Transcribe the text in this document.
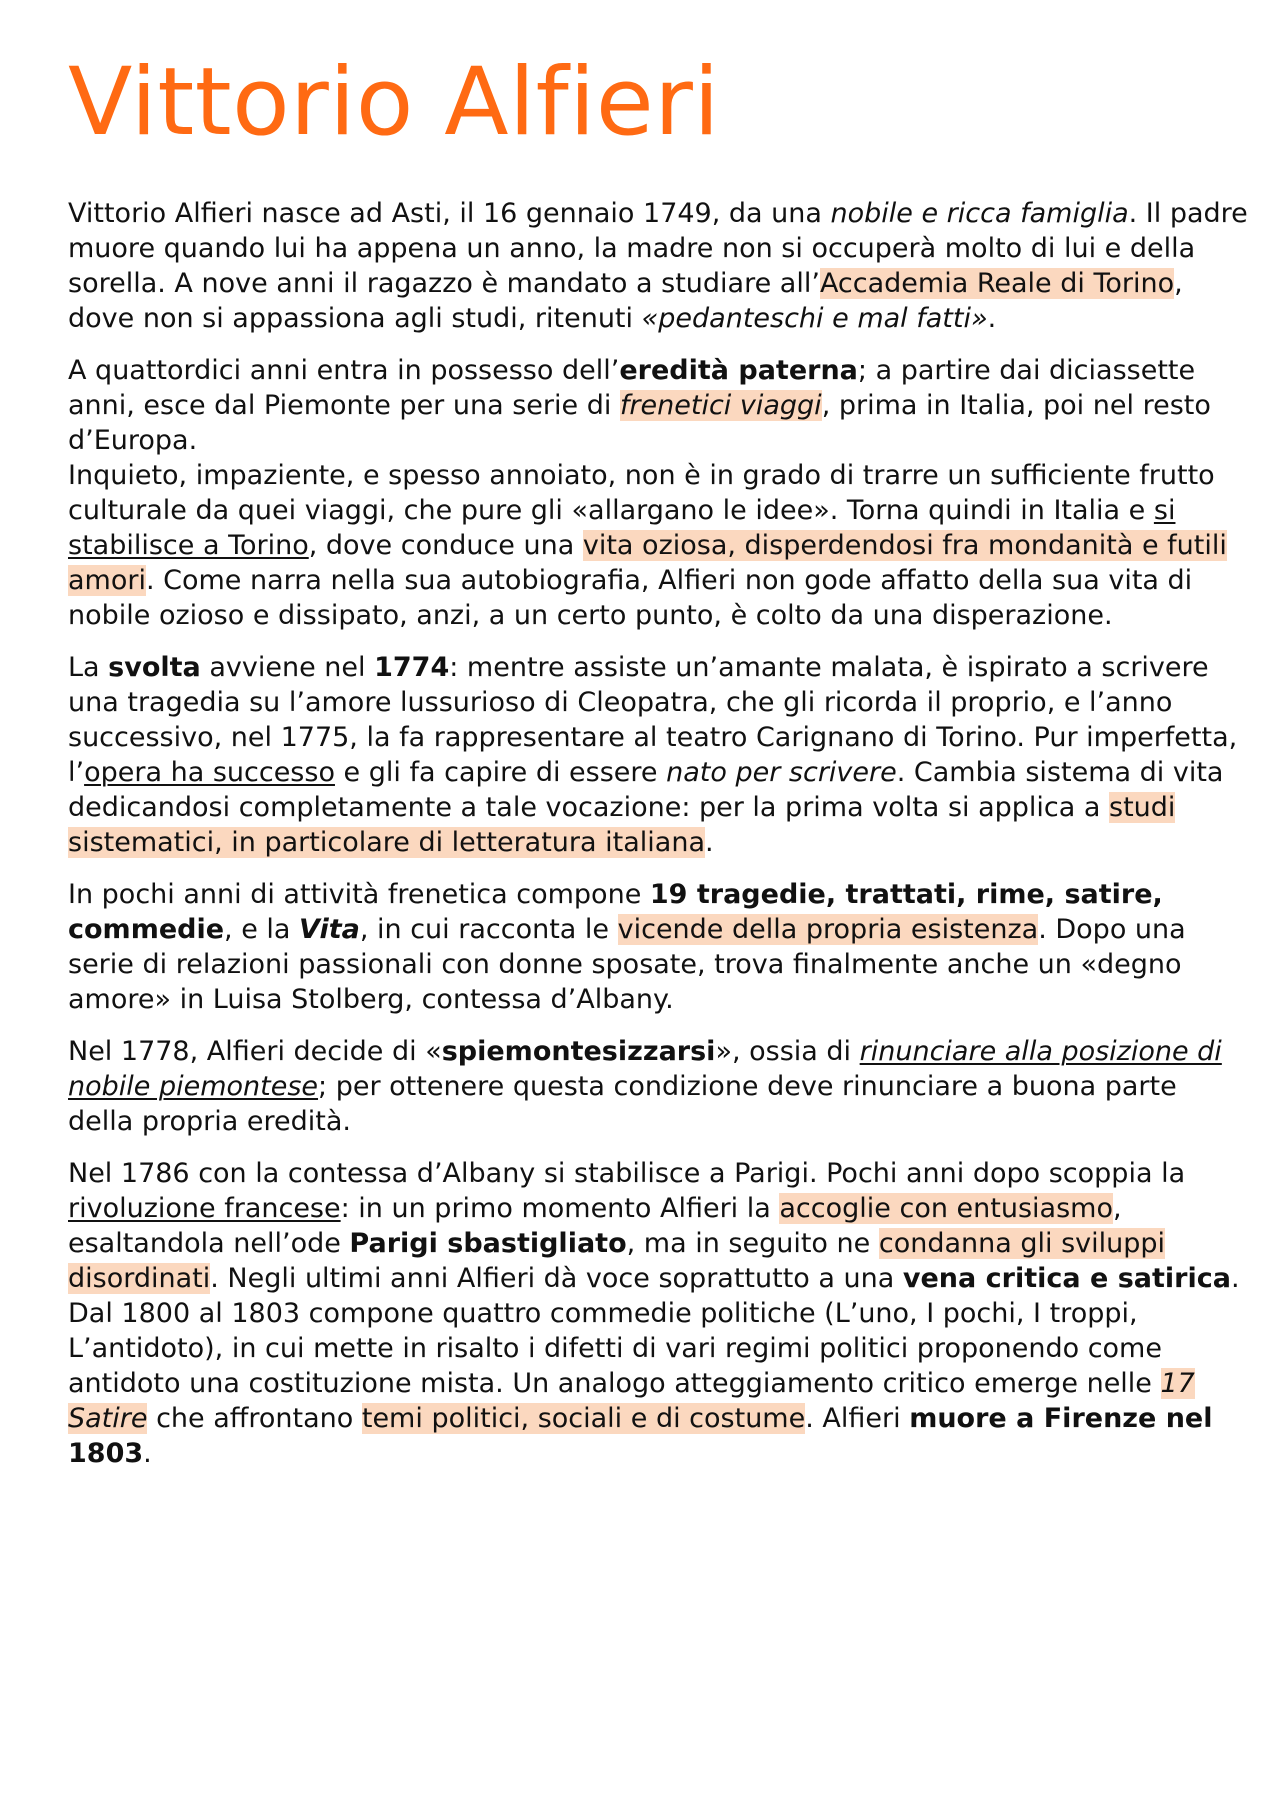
Vittorio Alfieri

Vittorio Alfieri nasce ad Asti, il 16 gennaio 1749, da una nobile e ricca famiglia. Il padre muore quando lui ha appena un anno, la madre non si occuperà molto di lui e della sorella. A nove anni il ragazzo è mandato a studiare all’Accademia Reale di Torino, dove non si appassiona agli studi, ritenuti «pedanteschi e mal fatti».

A quattordici anni entra in possesso dell’eredità paterna; a partire dai diciassette anni, esce dal Piemonte per una serie di frenetici viaggi, prima in Italia, poi nel resto d’Europa.
Inquieto, impaziente, e spesso annoiato, non è in grado di trarre un sufficiente frutto culturale da quei viaggi, che pure gli «allargano le idee». Torna quindi in Italia e si stabilisce a Torino, dove conduce una vita oziosa, disperdendosi fra mondanità e futili amori. Come narra nella sua autobiografia, Alfieri non gode affatto della sua vita di nobile ozioso e dissipato, anzi, a un certo punto, è colto da una disperazione.

La svolta avviene nel 1774: mentre assiste un’amante malata, è ispirato a scrivere una tragedia su l’amore lussurioso di Cleopatra, che gli ricorda il proprio, e l’anno successivo, nel 1775, la fa rappresentare al teatro Carignano di Torino. Pur imperfetta, l’opera ha successo e gli fa capire di essere nato per scrivere. Cambia sistema di vita dedicandosi completamente a tale vocazione: per la prima volta si applica a studi sistematici, in particolare di letteratura italiana.

In pochi anni di attività frenetica compone 19 tragedie, trattati, rime, satire, commedie, e la Vita, in cui racconta le vicende della propria esistenza. Dopo una serie di relazioni passionali con donne sposate, trova finalmente anche un «degno amore» in Luisa Stolberg, contessa d’Albany.

Nel 1778, Alfieri decide di «spiemontesizzarsi», ossia di rinunciare alla posizione di nobile piemontese; per ottenere questa condizione deve rinunciare a buona parte della propria eredità.

Nel 1786 con la contessa d’Albany si stabilisce a Parigi. Pochi anni dopo scoppia la rivoluzione francese: in un primo momento Alfieri la accoglie con entusiasmo, esaltandola nell’ode Parigi sbastigliato, ma in seguito ne condanna gli sviluppi disordinati. Negli ultimi anni Alfieri dà voce soprattutto a una vena critica e satirica. Dal 1800 al 1803 compone quattro commedie politiche (L’uno, I pochi, I troppi, L’antidoto), in cui mette in risalto i difetti di vari regimi politici proponendo come antidoto una costituzione mista. Un analogo atteggiamento critico emerge nelle 17 Satire che affrontano temi politici, sociali e di costume. Alfieri muore a Firenze nel 1803.
